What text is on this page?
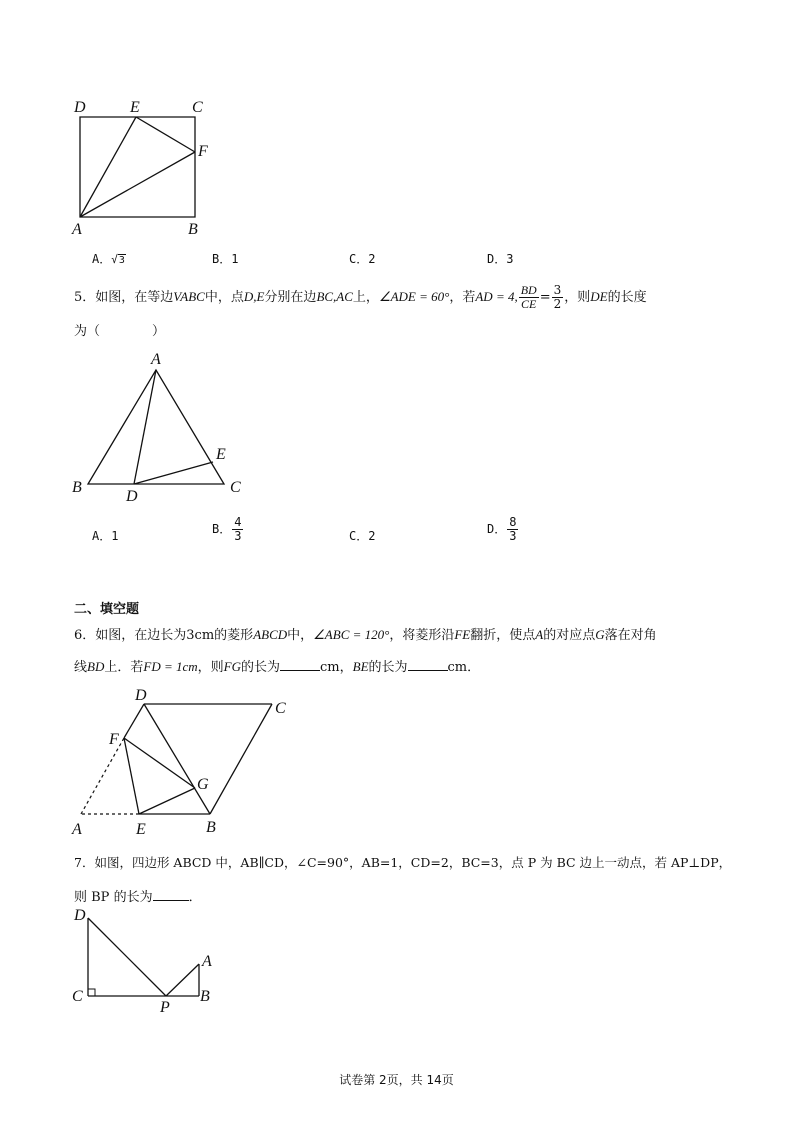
D	E	C
F
A	B
A．√3	B．1	C．2	D．3
5．如图，在等边VABC中，点D,E分别在边BC,AC上，∠ADE = 60°，若AD = 4, $\frac{BD}{CE} = \frac{3}{2}$ ，则DE的长度
为（　　　　）
A
E
B
D
C
A．1	B． $\frac{4}{3}$	C．2	D． $\frac{8}{3}$
二、填空题
6．如图，在边长为3cm的菱形ABCD中，∠ABC = 120°，将菱形沿FE翻折，使点A的对应点G落在对角
线BD上．若FD = 1cm，则FG的长为	cm，BE的长为	cm．
D
C
F
G
A	E	B
7．如图，四边形 ABCD 中，AB∥CD，∠C=90°，AB=1，CD=2，BC=3，点 P 为 BC 边上一动点，若 AP⊥DP，
则 BP 的长为	．
D
A
C
P
B
试卷第 2页，共 14页
